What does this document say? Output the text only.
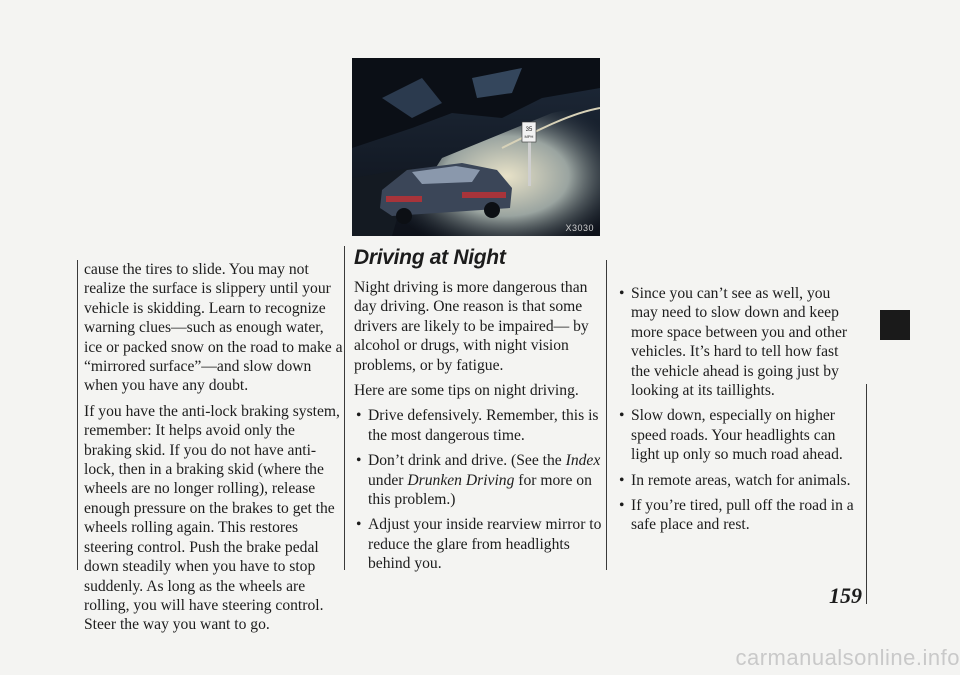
cause the tires to slide. You may not realize the surface is slippery until your vehicle is skidding. Learn to recognize warning clues—such as enough water, ice or packed snow on the road to make a “mirrored surface”—and slow down when you have any doubt.

If you have the anti-lock braking system, remember: It helps avoid only the braking skid. If you do not have anti-lock, then in a braking skid (where the wheels are no longer rolling), release enough pressure on the brakes to get the wheels rolling again. This restores steering control. Push the brake pedal down steadily when you have to stop suddenly. As long as the wheels are rolling, you will have steering control. Steer the way you want to go.

35
MPH
X3030
Driving at Night

Night driving is more dangerous than day driving. One reason is that some drivers are likely to be impaired— by alcohol or drugs, with night vision problems, or by fatigue.

Here are some tips on night driving.

• Drive defensively. Remember, this is the most dangerous time.
• Don’t drink and drive. (See the Index under Drunken Driving for more on this problem.)
• Adjust your inside rearview mirror to reduce the glare from headlights behind you.
• Since you can’t see as well, you may need to slow down and keep more space between you and other vehicles. It’s hard to tell how fast the vehicle ahead is going just by looking at its taillights.
• Slow down, especially on higher speed roads. Your headlights can light up only so much road ahead.
• In remote areas, watch for animals.
• If you’re tired, pull off the road in a safe place and rest.
159
carmanualsonline.info
